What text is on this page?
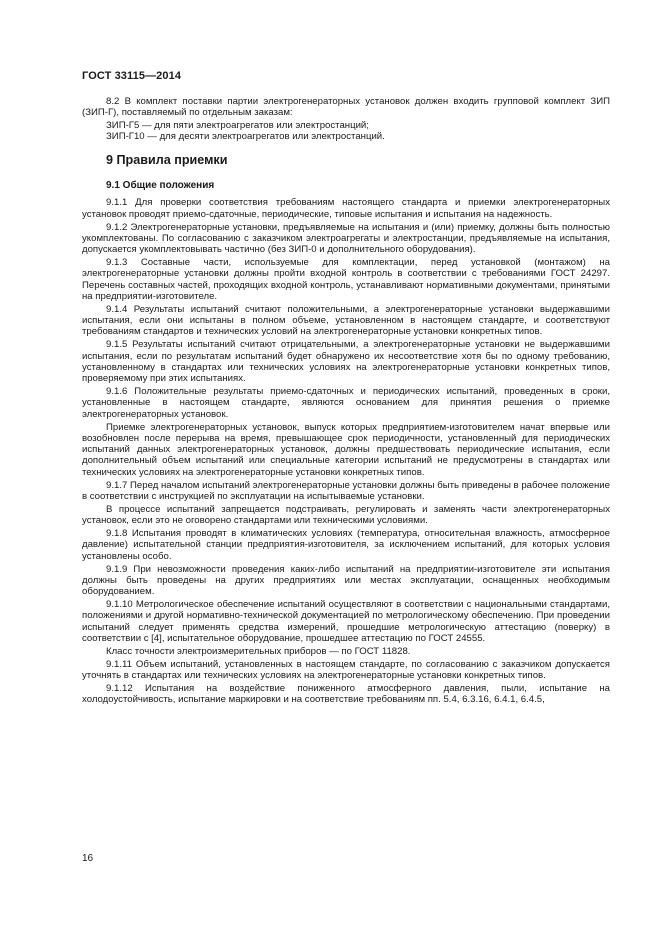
ГОСТ 33115—2014

8.2 В комплект поставки партии электрогенераторных установок должен входить групповой комплект ЗИП (ЗИП-Г), поставляемый по отдельным заказам:

ЗИП-Г5 — для пяти электроагрегатов или электростанций;

ЗИП-Г10 — для десяти электроагрегатов или электростанций.

9 Правила приемки
9.1 Общие положения

9.1.1 Для проверки соответствия требованиям настоящего стандарта и приемки электрогенераторных установок проводят приемо-сдаточные, периодические, типовые испытания и испытания на надежность.

9.1.2 Электрогенераторные установки, предъявляемые на испытания и (или) приемку, должны быть полностью укомплектованы. По согласованию с заказчиком электроагрегаты и электростанции, предъявляемые на испытания, допускается укомплектовывать частично (без ЗИП-0 и дополнительного оборудования).

9.1.3 Составные части, используемые для комплектации, перед установкой (монтажом) на электрогенераторные установки должны пройти входной контроль в соответствии с требованиями ГОСТ 24297. Перечень составных частей, проходящих входной контроль, устанавливают нормативными документами, принятыми на предприятии-изготовителе.

9.1.4 Результаты испытаний считают положительными, а электрогенераторные установки выдержавшими испытания, если они испытаны в полном объеме, установленном в настоящем стандарте, и соответствуют требованиям стандартов и технических условий на электрогенераторные установки конкретных типов.

9.1.5 Результаты испытаний считают отрицательными, а электрогенераторные установки не выдержавшими испытания, если по результатам испытаний будет обнаружено их несоответствие хотя бы по одному требованию, установленному в стандартах или технических условиях на электрогенераторные установки конкретных типов, проверяемому при этих испытаниях.

9.1.6 Положительные результаты приемо-сдаточных и периодических испытаний, проведенных в сроки, установленные в настоящем стандарте, являются основанием для принятия решения о приемке электрогенераторных установок.

Приемке электрогенераторных установок, выпуск которых предприятием-изготовителем начат впервые или возобновлен после перерыва на время, превышающее срок периодичности, установленный для периодических испытаний данных электрогенераторных установок, должны предшествовать периодические испытания, если дополнительный объем испытаний или специальные категории испытаний не предусмотрены в стандартах или технических условиях на электрогенераторные установки конкретных типов.

9.1.7 Перед началом испытаний электрогенераторные установки должны быть приведены в рабочее положение в соответствии с инструкцией по эксплуатации на испытываемые установки.

В процессе испытаний запрещается подстраивать, регулировать и заменять части электрогенераторных установок, если это не оговорено стандартами или техническими условиями.

9.1.8 Испытания проводят в климатических условиях (температура, относительная влажность, атмосферное давление) испытательной станции предприятия-изготовителя, за исключением испытаний, для которых условия установлены особо.

9.1.9 При невозможности проведения каких-либо испытаний на предприятии-изготовителе эти испытания должны быть проведены на других предприятиях или местах эксплуатации, оснащенных необходимым оборудованием.

9.1.10 Метрологическое обеспечение испытаний осуществляют в соответствии с национальными стандартами, положениями и другой нормативно-технической документацией по метрологическому обеспечению. При проведении испытаний следует применять средства измерений, прошедшие метрологическую аттестацию (поверку) в соответствии с [4], испытательное оборудование, прошедшее аттестацию по ГОСТ 24555.

Класс точности электроизмерительных приборов — по ГОСТ 11828.

9.1.11 Объем испытаний, установленных в настоящем стандарте, по согласованию с заказчиком допускается уточнять в стандартах или технических условиях на электрогенераторные установки конкретных типов.

9.1.12 Испытания на воздействие пониженного атмосферного давления, пыли, испытание на холодоустойчивость, испытание маркировки и на соответствие требованиям пп. 5.4, 6.3.16, 6.4.1, 6.4.5,

16
